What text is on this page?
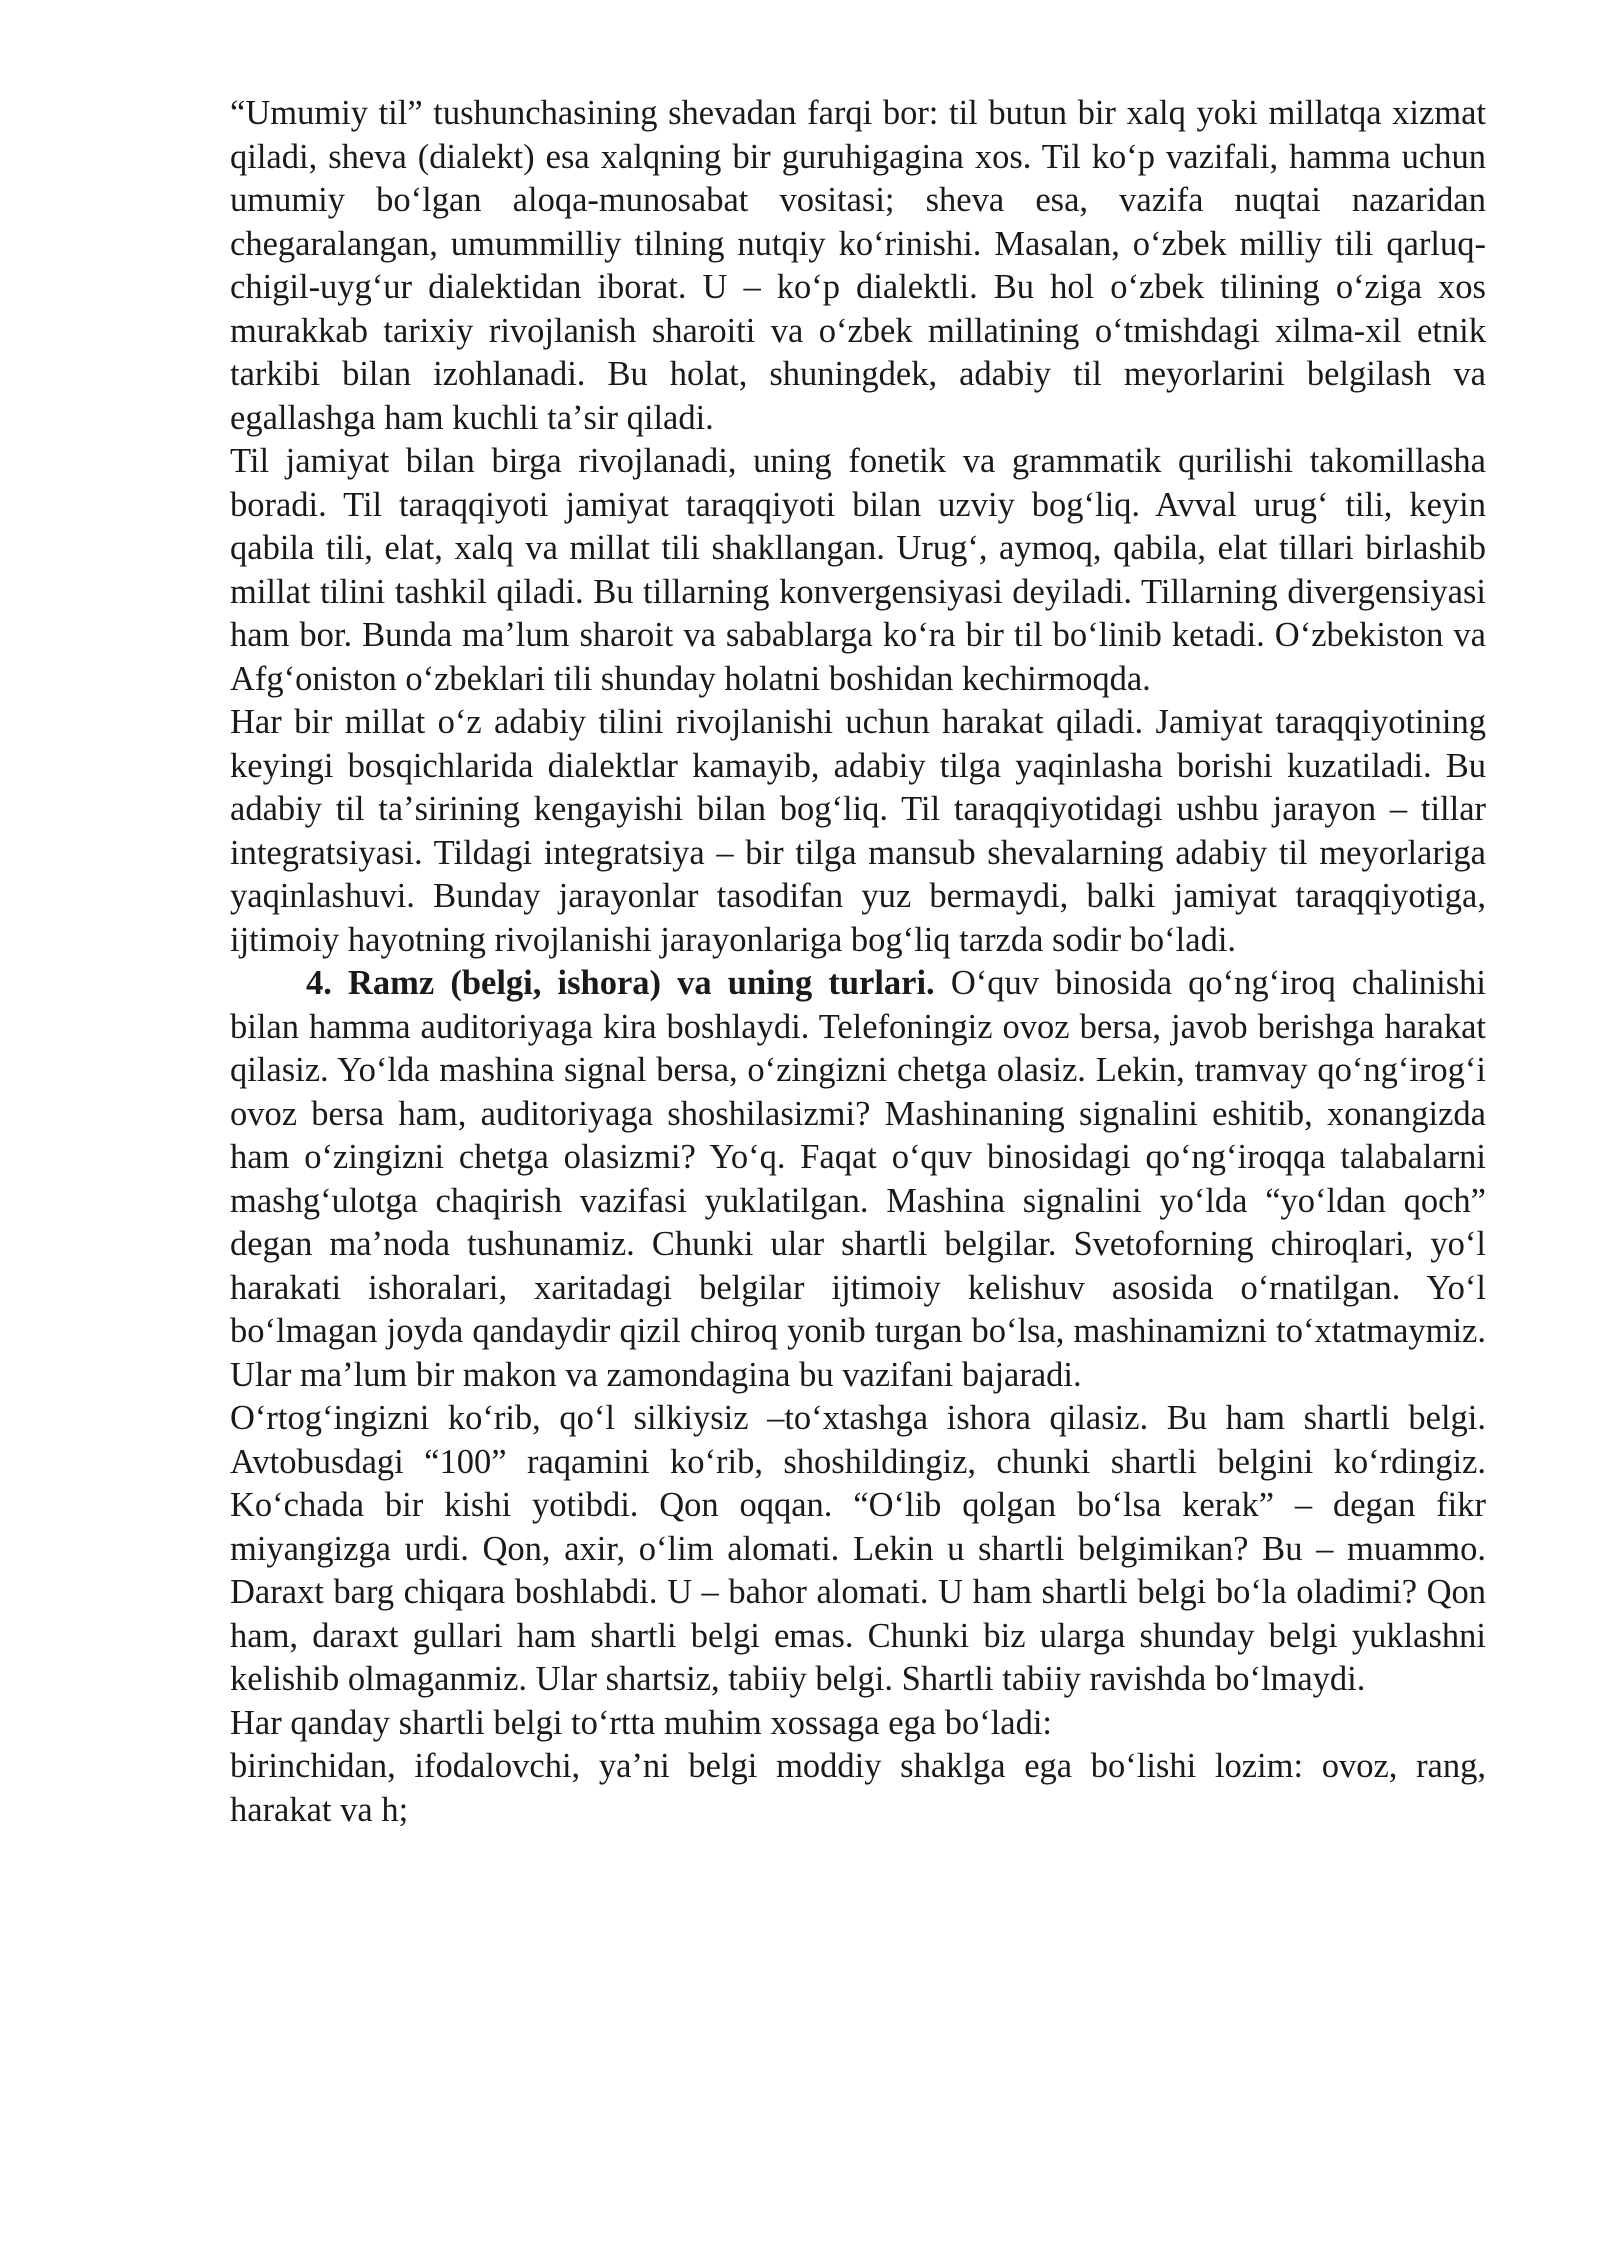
“Umumiy til” tushunchasining shevadan farqi bor: til butun bir xalq yoki millatqa xizmat qiladi, sheva (dialekt) esa xalqning bir guruhigagina xos. Til koʻp vazifali, hamma uchun umumiy boʻlgan aloqa-munosabat vositasi; sheva esa, vazifa nuqtai nazaridan chegaralangan, umummilliy tilning nutqiy koʻrinishi. Masalan, oʻzbek milliy tili qarluq-chigil-uygʻur dialektidan iborat. U – koʻp dialektli. Bu hol oʻzbek tilining oʻziga xos murakkab tarixiy rivojlanish sharoiti va oʻzbek millatining oʻtmishdagi xilma-xil etnik tarkibi bilan izohlanadi. Bu holat, shuningdek, adabiy til meyorlarini belgilash va egallashga ham kuchli taʼsir qiladi.

Til jamiyat bilan birga rivojlanadi, uning fonetik va grammatik qurilishi takomillasha boradi. Til taraqqiyoti jamiyat taraqqiyoti bilan uzviy bogʻliq. Avval urugʻ tili, keyin qabila tili, elat, xalq va millat tili shakllangan. Urugʻ, aymoq, qabila, elat tillari birlashib millat tilini tashkil qiladi. Bu tillarning konvergensiyasi deyiladi. Tillarning divergensiyasi ham bor. Bunda maʼlum sharoit va sabablarga koʻra bir til boʻlinib ketadi. Oʻzbekiston va Afgʻoniston oʻzbeklari tili shunday holatni boshidan kechirmoqda.

Har bir millat oʻz adabiy tilini rivojlanishi uchun harakat qiladi. Jamiyat taraqqiyotining keyingi bosqichlarida dialektlar kamayib, adabiy tilga yaqinlasha borishi kuzatiladi. Bu adabiy til taʼsirining kengayishi bilan bogʻliq. Til taraqqiyotidagi ushbu jarayon – tillar integratsiyasi. Tildagi integratsiya – bir tilga mansub shevalarning adabiy til meyorlariga yaqinlashuvi. Bunday jarayonlar tasodifan yuz bermaydi, balki jamiyat taraqqiyotiga, ijtimoiy hayotning rivojlanishi jarayonlariga bogʻliq tarzda sodir boʻladi.

4. Ramz (belgi, ishora) va uning turlari. Oʻquv binosida qoʻngʻiroq chalinishi bilan hamma auditoriyaga kira boshlaydi. Telefoningiz ovoz bersa, javob berishga harakat qilasiz. Yoʻlda mashina signal bersa, oʻzingizni chetga olasiz. Lekin, tramvay qoʻngʻirogʻi ovoz bersa ham, auditoriyaga shoshilasizmi? Mashinaning signalini eshitib, xonangizda ham oʻzingizni chetga olasizmi? Yoʻq. Faqat oʻquv binosidagi qoʻngʻiroqqa talabalarni mashgʻulotga chaqirish vazifasi yuklatilgan. Mashina signalini yoʻlda “yoʻldan qoch” degan maʼnoda tushunamiz. Chunki ular shartli belgilar. Svetoforning chiroqlari, yoʻl harakati ishoralari, xaritadagi belgilar ijtimoiy kelishuv asosida oʻrnatilgan. Yoʻl boʻlmagan joyda qandaydir qizil chiroq yonib turgan boʻlsa, mashinamizni toʻxtatmaymiz. Ular maʼlum bir makon va zamondagina bu vazifani bajaradi.

Oʻrtogʻingizni koʻrib, qoʻl silkiysiz –toʻxtashga ishora qilasiz. Bu ham shartli belgi. Avtobusdagi “100” raqamini koʻrib, shoshildingiz, chunki shartli belgini koʻrdingiz. Koʻchada bir kishi yotibdi. Qon oqqan. “Oʻlib qolgan boʻlsa kerak” – degan fikr miyangizga urdi. Qon, axir, oʻlim alomati. Lekin u shartli belgimikan? Bu – muammo. Daraxt barg chiqara boshlabdi. U – bahor alomati. U ham shartli belgi boʻla oladimi? Qon ham, daraxt gullari ham shartli belgi emas. Chunki biz ularga shunday belgi yuklashni kelishib olmaganmiz. Ular shartsiz, tabiiy belgi. Shartli tabiiy ravishda boʻlmaydi.

Har qanday shartli belgi toʻrtta muhim xossaga ega boʻladi:

birinchidan, ifodalovchi, yaʼni belgi moddiy shaklga ega boʻlishi lozim: ovoz, rang, harakat va h;
